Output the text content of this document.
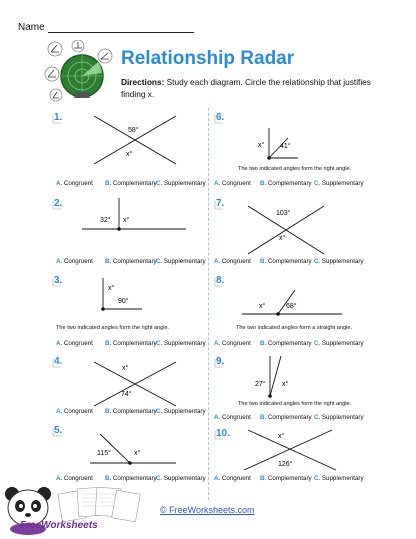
Name
Relationship Radar
Directions: Study each diagram. Circle the relationship that justifies finding x.
1.
58°
x°
A. Congruent B. Complementary C. Supplementary
2.
32° x°
A. Congruent B. Complementary C. Supplementary
3.
x°
90°
The two indicated angles form the right angle.
A. Congruent B. Complementary C. Supplementary
4.
x°
74°
A. Congruent B. Complementary C. Supplementary
5.
115°	x°
A. Congruent B. Complementary C. Supplementary
6.
x° 41°
The two indicated angles form the right angle.
A. Congruent B. Complementary C. Supplementary
7.
103°
x°
A. Congruent B. Complementary C. Supplementary
8.
x°	68°
The two indicated angles form a straight angle.
A. Congruent B. Complementary C. Supplementary
9.
27° x°
The two indicated angles form the right angle.
A. Congruent B. Complementary C. Supplementary
10.	x°
126°
A. Congruent B. Complementary C. Supplementary
FreeWorksheets
© FreeWorksheets.com
